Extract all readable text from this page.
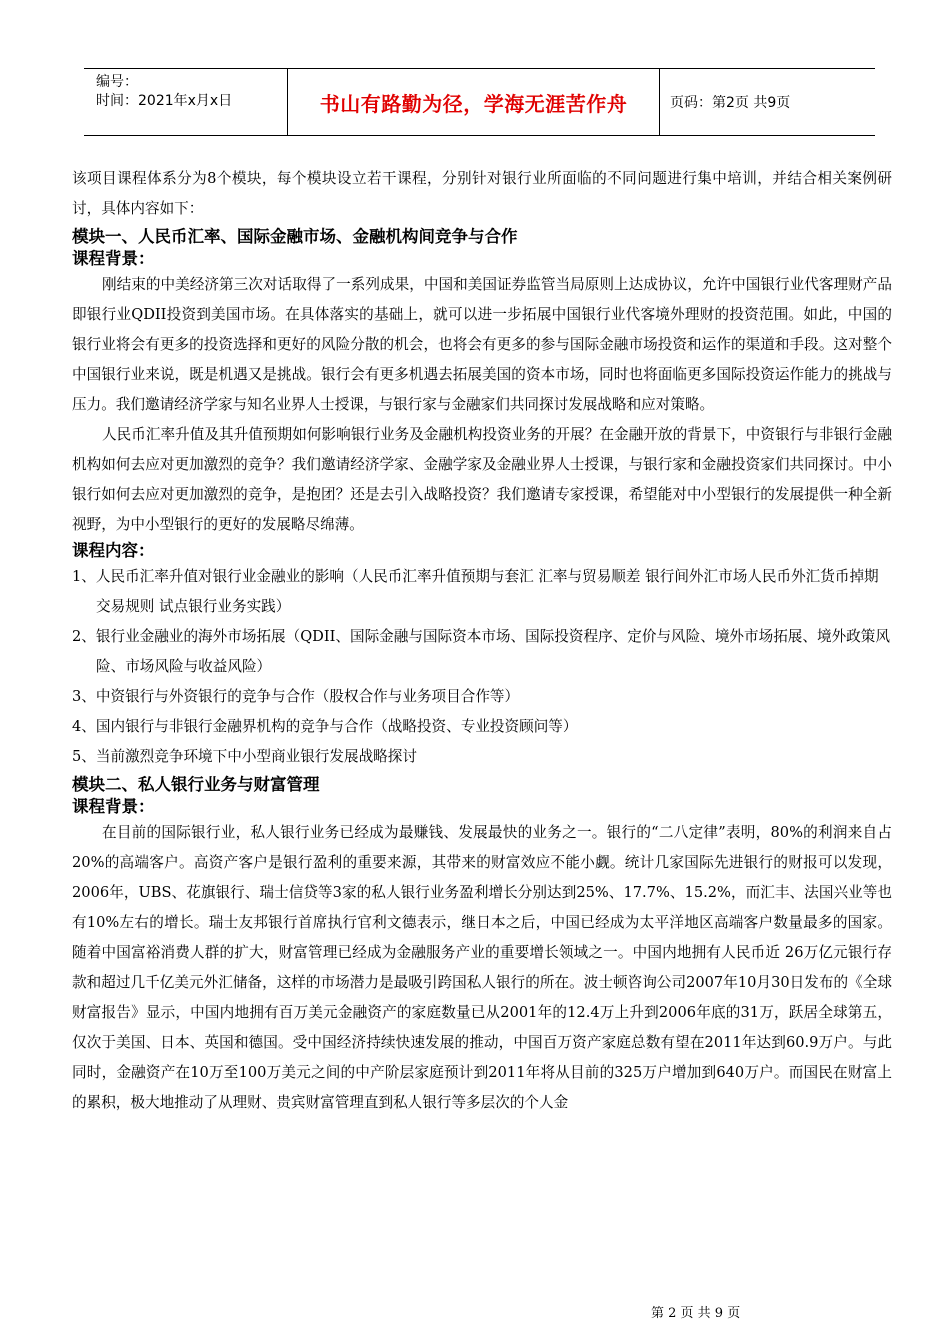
编号：
时间：2021年x月x日	书山有路勤为径，学海无涯苦作舟	页码：第2页 共9页

该项目课程体系分为8个模块，每个模块设立若干课程，分别针对银行业所面临的不同问题进行集中培训，并结合相关案例研讨，具体内容如下：

模块一、人民币汇率、国际金融市场、金融机构间竞争与合作
课程背景：

刚结束的中美经济第三次对话取得了一系列成果，中国和美国证券监管当局原则上达成协议，允许中国银行业代客理财产品即银行业QDII投资到美国市场。在具体落实的基础上，就可以进一步拓展中国银行业代客境外理财的投资范围。如此，中国的银行业将会有更多的投资选择和更好的风险分散的机会，也将会有更多的参与国际金融市场投资和运作的渠道和手段。这对整个中国银行业来说，既是机遇又是挑战。银行会有更多机遇去拓展美国的资本市场，同时也将面临更多国际投资运作能力的挑战与压力。我们邀请经济学家与知名业界人士授课，与银行家与金融家们共同探讨发展战略和应对策略。

人民币汇率升值及其升值预期如何影响银行业务及金融机构投资业务的开展？在金融开放的背景下，中资银行与非银行金融机构如何去应对更加激烈的竞争？我们邀请经济学家、金融学家及金融业界人士授课，与银行家和金融投资家们共同探讨。中小银行如何去应对更加激烈的竞争，是抱团？还是去引入战略投资？我们邀请专家授课，希望能对中小型银行的发展提供一种全新视野，为中小型银行的更好的发展略尽绵薄。

课程内容：
1、人民币汇率升值对银行业金融业的影响（人民币汇率升值预期与套汇 汇率与贸易顺差 银行间外汇市场人民币外汇货币掉期交易规则 试点银行业务实践）
2、银行业金融业的海外市场拓展（QDII、国际金融与国际资本市场、国际投资程序、定价与风险、境外市场拓展、境外政策风险、市场风险与收益风险）
3、中资银行与外资银行的竞争与合作（股权合作与业务项目合作等）
4、国内银行与非银行金融界机构的竞争与合作（战略投资、专业投资顾问等）
5、当前激烈竞争环境下中小型商业银行发展战略探讨
模块二、私人银行业务与财富管理
课程背景：

在目前的国际银行业，私人银行业务已经成为最赚钱、发展最快的业务之一。银行的“二八定律”表明，80%的利润来自占20%的高端客户。高资产客户是银行盈利的重要来源，其带来的财富效应不能小觑。统计几家国际先进银行的财报可以发现，2006年，UBS、花旗银行、瑞士信贷等3家的私人银行业务盈利增长分别达到25%、17.7%、15.2%，而汇丰、法国兴业等也有10%左右的增长。瑞士友邦银行首席执行官利文德表示，继日本之后，中国已经成为太平洋地区高端客户数量最多的国家。随着中国富裕消费人群的扩大，财富管理已经成为金融服务产业的重要增长领域之一。中国内地拥有人民币近 26万亿元银行存款和超过几千亿美元外汇储备，这样的市场潜力是最吸引跨国私人银行的所在。波士顿咨询公司2007年10月30日发布的《全球财富报告》显示，中国内地拥有百万美元金融资产的家庭数量已从2001年的12.4万上升到2006年底的31万，跃居全球第五，仅次于美国、日本、英国和德国。受中国经济持续快速发展的推动，中国百万资产家庭总数有望在2011年达到60.9万户。与此同时，金融资产在10万至100万美元之间的中产阶层家庭预计到2011年将从目前的325万户增加到640万户。而国民在财富上的累积，极大地推动了从理财、贵宾财富管理直到私人银行等多层次的个人金

第 2 页 共 9 页
